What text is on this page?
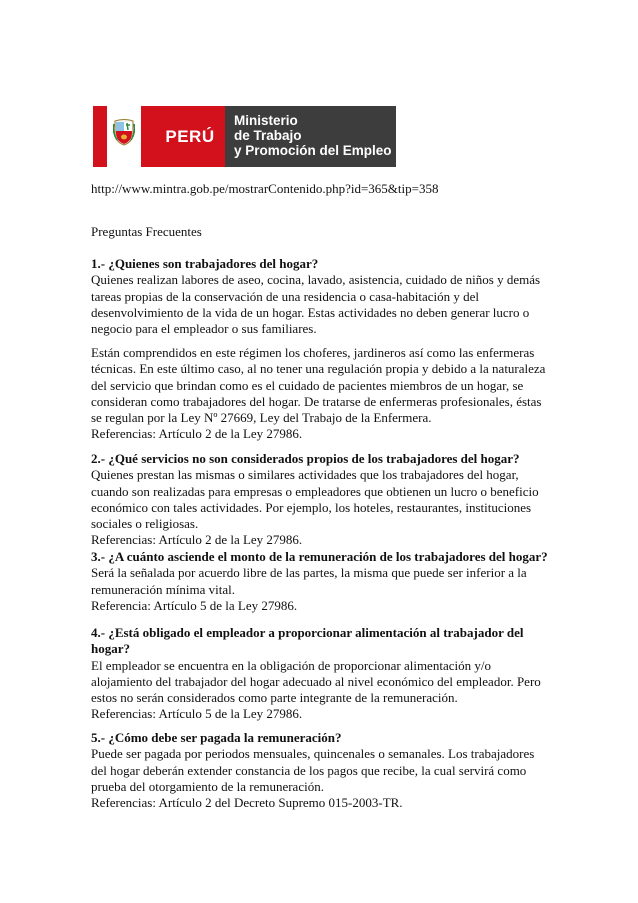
PERÚ
Ministerio
de Trabajo
y Promoción del Empleo
http://www.mintra.gob.pe/mostrarContenido.php?id=365&tip=358
Preguntas Frecuentes

1.- ¿Quienes son trabajadores del hogar?

Quienes realizan labores de aseo, cocina, lavado, asistencia, cuidado de niños y demás

tareas propias de la conservación de una residencia o casa-habitación y del

desenvolvimiento de la vida de un hogar. Estas actividades no deben generar lucro o

negocio para el empleador o sus familiares.

Están comprendidos en este régimen los choferes, jardineros así como las enfermeras

técnicas. En este último caso, al no tener una regulación propia y debido a la naturaleza

del servicio que brindan como es el cuidado de pacientes miembros de un hogar, se

consideran como trabajadores del hogar. De tratarse de enfermeras profesionales, éstas

se regulan por la Ley Nº 27669, Ley del Trabajo de la Enfermera.

Referencias: Artículo 2 de la Ley 27986.

2.- ¿Qué servicios no son considerados propios de los trabajadores del hogar?

Quienes prestan las mismas o similares actividades que los trabajadores del hogar,

cuando son realizadas para empresas o empleadores que obtienen un lucro o beneficio

económico con tales actividades. Por ejemplo, los hoteles, restaurantes, instituciones

sociales o religiosas.

Referencias: Artículo 2 de la Ley 27986.

3.- ¿A cuánto asciende el monto de la remuneración de los trabajadores del hogar?

Será la señalada por acuerdo libre de las partes, la misma que puede ser inferior a la

remuneración mínima vital.

Referencia: Artículo 5 de la Ley 27986.

4.- ¿Está obligado el empleador a proporcionar alimentación al trabajador del

hogar?

El empleador se encuentra en la obligación de proporcionar alimentación y/o

alojamiento del trabajador del hogar adecuado al nivel económico del empleador. Pero

estos no serán considerados como parte integrante de la remuneración.

Referencias: Artículo 5 de la Ley 27986.

5.- ¿Cómo debe ser pagada la remuneración?

Puede ser pagada por periodos mensuales, quincenales o semanales. Los trabajadores

del hogar deberán extender constancia de los pagos que recibe, la cual servirá como

prueba del otorgamiento de la remuneración.

Referencias: Artículo 2 del Decreto Supremo 015-2003-TR.
